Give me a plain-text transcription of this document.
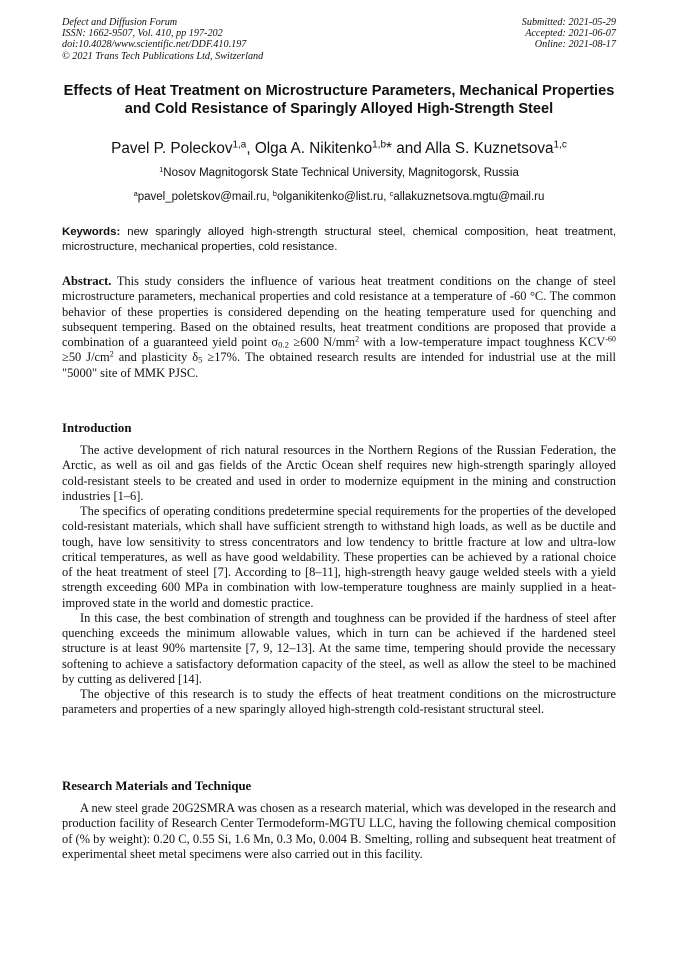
Defect and Diffusion Forum
ISSN: 1662-9507, Vol. 410, pp 197-202
doi:10.4028/www.scientific.net/DDF.410.197
© 2021 Trans Tech Publications Ltd, Switzerland
Submitted: 2021-05-29
Accepted: 2021-06-07
Online: 2021-08-17
Effects of Heat Treatment on Microstructure Parameters, Mechanical Properties and Cold Resistance of Sparingly Alloyed High-Strength Steel
Pavel P. Poleckov$^{1,a}$, Olga A. Nikitenko$^{1,b}$* and Alla S. Kuznetsova$^{1,c}$
$^1$Nosov Magnitogorsk State Technical University, Magnitogorsk, Russia
$^a$pavel_poletskov@mail.ru, $^b$olganikitenko@list.ru, $^c$allakuznetsova.mgtu@mail.ru
Keywords: new sparingly alloyed high-strength structural steel, chemical composition, heat treatment, microstructure, mechanical properties, cold resistance.
Abstract. This study considers the influence of various heat treatment conditions on the change of steel microstructure parameters, mechanical properties and cold resistance at a temperature of -60 °C. The common behavior of these properties is considered depending on the heating temperature used for quenching and subsequent tempering. Based on the obtained results, heat treatment conditions are proposed that provide a combination of a guaranteed yield point $\sigma_{0.2} \ge 600$ $N/mm^2$ with a low-temperature impact toughness $KCV^{-60} \ge 50$ $J/cm^2$ and plasticity $\delta_5 \ge 17\%$. The obtained research results are intended for industrial use at the mill "5000" site of MMK PJSC.
Introduction

The active development of rich natural resources in the Northern Regions of the Russian Federation, the Arctic, as well as oil and gas fields of the Arctic Ocean shelf requires new high-strength sparingly alloyed cold-resistant steels to be created and used in order to modernize equipment in the mining and construction industries [1–6].

The specifics of operating conditions predetermine special requirements for the properties of the developed cold-resistant materials, which shall have sufficient strength to withstand high loads, as well as be ductile and tough, have low sensitivity to stress concentrators and low tendency to brittle fracture at low and ultra-low critical temperatures, as well as have good weldability. These properties can be achieved by a rational choice of the heat treatment of steel [7]. According to [8–11], high-strength heavy gauge welded steels with a yield strength exceeding 600 MPa in combination with low-temperature toughness are mainly supplied in a heat-improved state in the world and domestic practice.

In this case, the best combination of strength and toughness can be provided if the hardness of steel after quenching exceeds the minimum allowable values, which in turn can be achieved if the hardened steel structure is at least 90% martensite [7, 9, 12–13]. At the same time, tempering should provide the necessary softening to achieve a satisfactory deformation capacity of the steel, as well as allow the steel to be machined by cutting as delivered [14].

The objective of this research is to study the effects of heat treatment conditions on the microstructure parameters and properties of a new sparingly alloyed high-strength cold-resistant structural steel.

Research Materials and Technique

A new steel grade 20G2SMRA was chosen as a research material, which was developed in the research and production facility of Research Center Termodeform-MGTU LLC, having the following chemical composition of (% by weight): 0.20 C, 0.55 Si, 1.6 Mn, 0.3 Mo, 0.004 B. Smelting, rolling and subsequent heat treatment of experimental sheet metal specimens were also carried out in this facility.
